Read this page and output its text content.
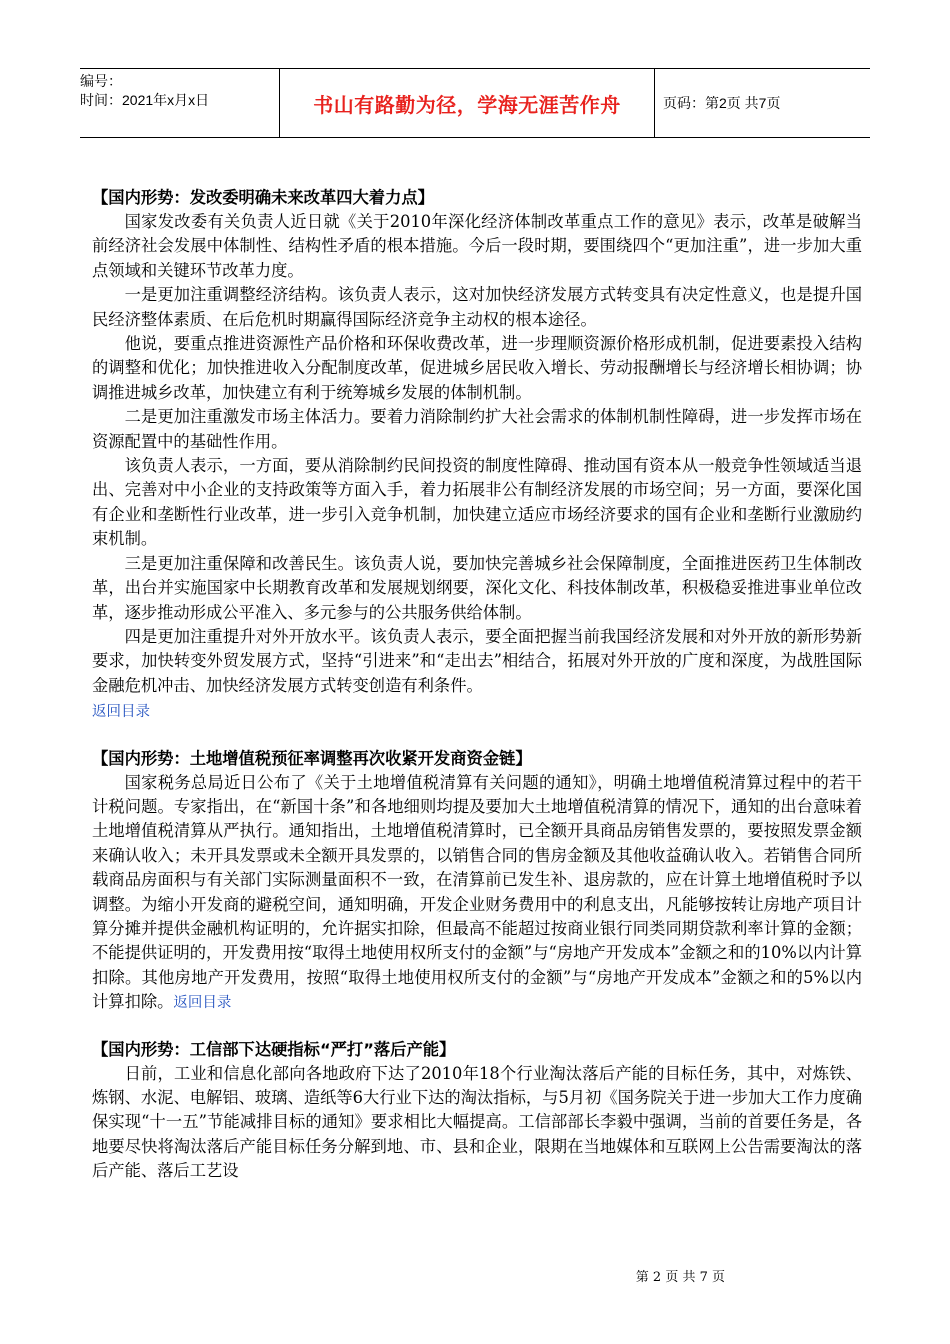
编号：
时间：2021年x月x日	书山有路勤为径，学海无涯苦作舟	页码：第2页 共7页

【国内形势：发改委明确未来改革四大着力点】

国家发改委有关负责人近日就《关于2010年深化经济体制改革重点工作的意见》表示，改革是破解当前经济社会发展中体制性、结构性矛盾的根本措施。今后一段时期，要围绕四个“更加注重”，进一步加大重点领域和关键环节改革力度。

一是更加注重调整经济结构。该负责人表示，这对加快经济发展方式转变具有决定性意义，也是提升国民经济整体素质、在后危机时期赢得国际经济竞争主动权的根本途径。

他说，要重点推进资源性产品价格和环保收费改革，进一步理顺资源价格形成机制，促进要素投入结构的调整和优化；加快推进收入分配制度改革，促进城乡居民收入增长、劳动报酬增长与经济增长相协调；协调推进城乡改革，加快建立有利于统筹城乡发展的体制机制。

二是更加注重激发市场主体活力。要着力消除制约扩大社会需求的体制机制性障碍，进一步发挥市场在资源配置中的基础性作用。

该负责人表示，一方面，要从消除制约民间投资的制度性障碍、推动国有资本从一般竞争性领域适当退出、完善对中小企业的支持政策等方面入手，着力拓展非公有制经济发展的市场空间；另一方面，要深化国有企业和垄断性行业改革，进一步引入竞争机制，加快建立适应市场经济要求的国有企业和垄断行业激励约束机制。

三是更加注重保障和改善民生。该负责人说，要加快完善城乡社会保障制度，全面推进医药卫生体制改革，出台并实施国家中长期教育改革和发展规划纲要，深化文化、科技体制改革，积极稳妥推进事业单位改革，逐步推动形成公平准入、多元参与的公共服务供给体制。

四是更加注重提升对外开放水平。该负责人表示，要全面把握当前我国经济发展和对外开放的新形势新要求，加快转变外贸发展方式，坚持“引进来”和“走出去”相结合，拓展对外开放的广度和深度，为战胜国际金融危机冲击、加快经济发展方式转变创造有利条件。

返回目录

【国内形势：土地增值税预征率调整再次收紧开发商资金链】

国家税务总局近日公布了《关于土地增值税清算有关问题的通知》，明确土地增值税清算过程中的若干计税问题。专家指出，在“新国十条”和各地细则均提及要加大土地增值税清算的情况下，通知的出台意味着土地增值税清算从严执行。通知指出，土地增值税清算时，已全额开具商品房销售发票的，要按照发票金额来确认收入；未开具发票或未全额开具发票的，以销售合同的售房金额及其他收益确认收入。若销售合同所载商品房面积与有关部门实际测量面积不一致，在清算前已发生补、退房款的，应在计算土地增值税时予以调整。为缩小开发商的避税空间，通知明确，开发企业财务费用中的利息支出，凡能够按转让房地产项目计算分摊并提供金融机构证明的，允许据实扣除，但最高不能超过按商业银行同类同期贷款利率计算的金额；不能提供证明的，开发费用按“取得土地使用权所支付的金额”与“房地产开发成本”金额之和的10%以内计算扣除。其他房地产开发费用，按照“取得土地使用权所支付的金额”与“房地产开发成本”金额之和的5%以内计算扣除。返回目录

【国内形势：工信部下达硬指标“严打”落后产能】

日前，工业和信息化部向各地政府下达了2010年18个行业淘汰落后产能的目标任务，其中，对炼铁、炼钢、水泥、电解铝、玻璃、造纸等6大行业下达的淘汰指标，与5月初《国务院关于进一步加大工作力度确保实现“十一五”节能减排目标的通知》要求相比大幅提高。工信部部长李毅中强调，当前的首要任务是，各地要尽快将淘汰落后产能目标任务分解到地、市、县和企业，限期在当地媒体和互联网上公告需要淘汰的落后产能、落后工艺设

第 2 页 共 7 页
